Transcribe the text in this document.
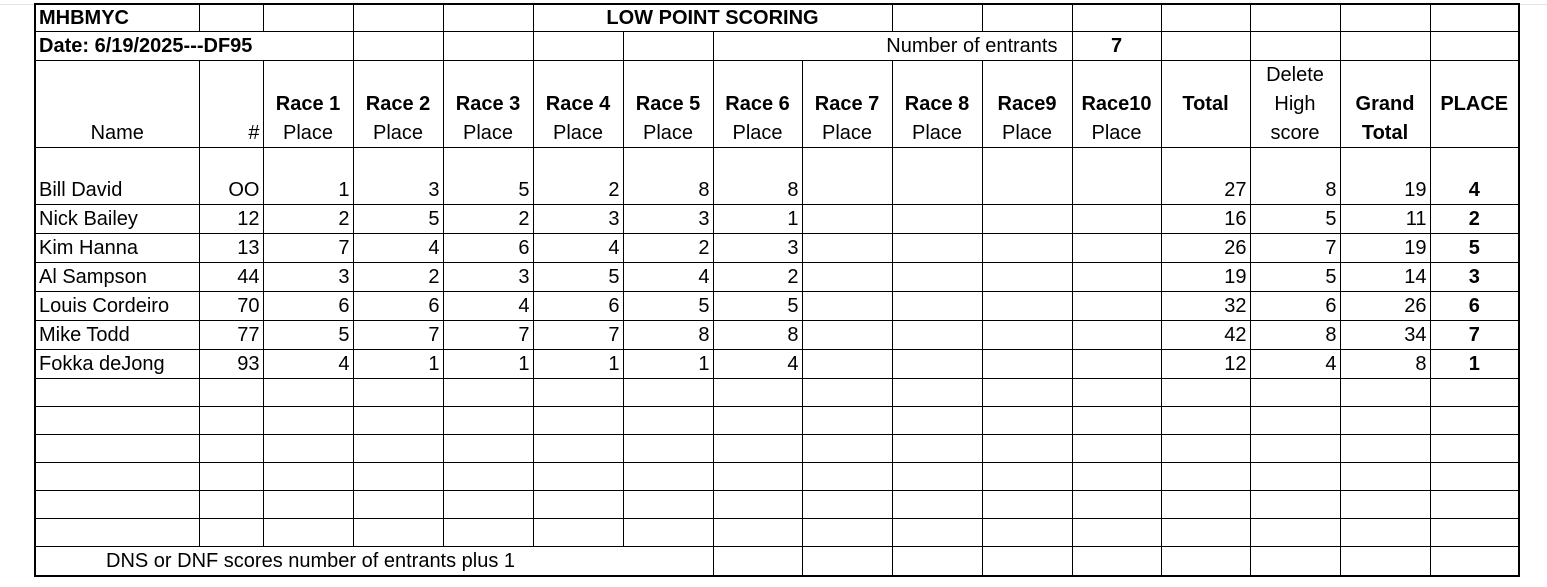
MHBMYC					LOW POINT SCORING										
Date: 6/19/2025---DF95							Number of entrants				7				
													Delete		
		Race 1	Race 2	Race 3	Race 4	Race 5	Race 6	Race 7	Race 8	Race9	Race10	Total	High	Grand	PLACE
Name	#	Place	Place	Place	Place	Place	Place	Place	Place	Place	Place		score	Total	

Bill David	OO	1	3	5	2	8	8					27	8	19	4
Nick Bailey	12	2	5	2	3	3	1					16	5	11	2
Kim Hanna	13	7	4	6	4	2	3					26	7	19	5
Al Sampson	44	3	2	3	5	4	2					19	5	14	3
Louis Cordeiro	70	6	6	4	6	5	5					32	6	26	6
Mike Todd	77	5	7	7	7	8	8					42	8	34	7
Fokka deJong	93	4	1	1	1	1	4					12	4	8	1

DNS or DNF scores number of entrants plus 1															
